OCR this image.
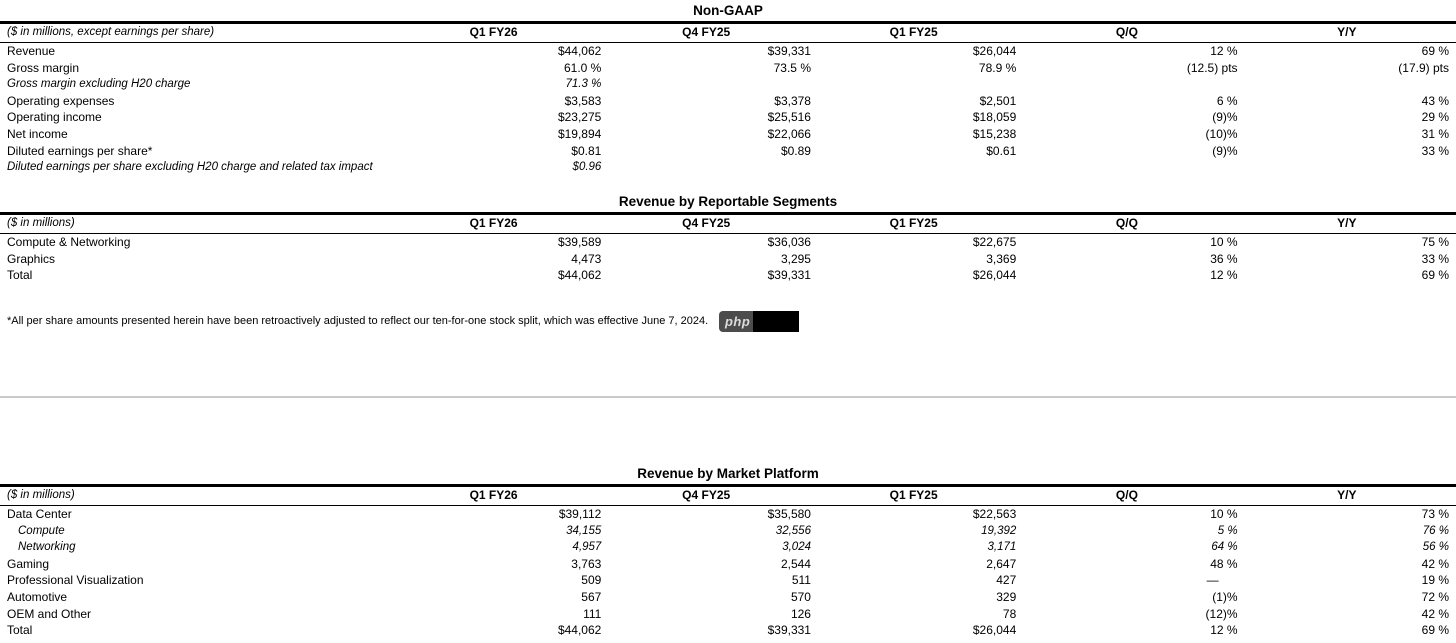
Non-GAAP
($ in millions, except earnings per share)	Q1 FY26	Q4 FY25	Q1 FY25	Q/Q	Y/Y
Revenue	$44,062	$39,331	$26,044	12 %	69 %
Gross margin	61.0 %	73.5 %	78.9 %	(12.5) pts	(17.9) pts
Gross margin excluding H20 charge	71.3 %				
Operating expenses	$3,583	$3,378	$2,501	6 %	43 %
Operating income	$23,275	$25,516	$18,059	(9)%	29 %
Net income	$19,894	$22,066	$15,238	(10)%	31 %
Diluted earnings per share*	$0.81	$0.89	$0.61	(9)%	33 %
Diluted earnings per share excluding H20 charge and related tax impact	$0.96				
Revenue by Reportable Segments
($ in millions)	Q1 FY26	Q4 FY25	Q1 FY25	Q/Q	Y/Y
Compute & Networking	$39,589	$36,036	$22,675	10 %	75 %
Graphics	4,473	3,295	3,369	36 %	33 %
Total	$44,062	$39,331	$26,044	12 %	69 %
*All per share amounts presented herein have been retroactively adjusted to reflect our ten-for-one stock split, which was effective June 7, 2024.	php
Revenue by Market Platform
($ in millions)	Q1 FY26	Q4 FY25	Q1 FY25	Q/Q	Y/Y
Data Center	$39,112	$35,580	$22,563	10 %	73 %
Compute	34,155	32,556	19,392	5 %	76 %
Networking	4,957	3,024	3,171	64 %	56 %
Gaming	3,763	2,544	2,647	48 %	42 %
Professional Visualization	509	511	427	—	19 %
Automotive	567	570	329	(1)%	72 %
OEM and Other	111	126	78	(12)%	42 %
Total	$44,062	$39,331	$26,044	12 %	69 %
